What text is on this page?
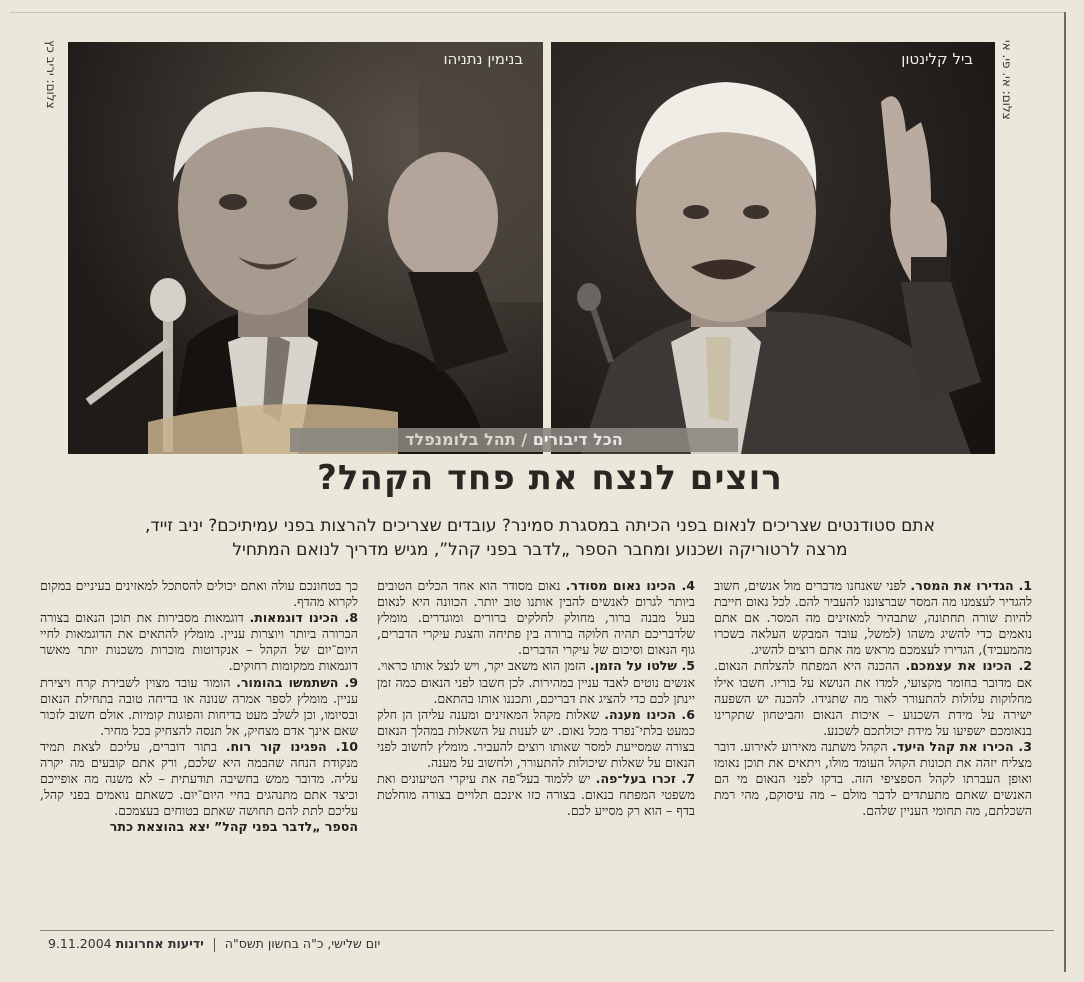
בנימין נתניהו	ביל קלינטון צלום: אי. פי. אי
צלום: יריב כץ
הכל דיבורים / תהל בלומנפלד
רוצים לנצח את פחד הקהל?
אתם סטודנטים שצריכים לנאום בפני הכיתה במסגרת סמינר? עובדים שצריכים להרצות בפני עמיתיכם? יניב זייד,
מרצה לרטוריקה ושכנוע ומחבר הספר „לדבר בפני קהל”, מגיש מדריך לנואם המתחיל

1. הגדירו את המסר. לפני שאנחנו מדברים מול אנשים, חשוב להגדיר לעצמנו מה המסר שברצוננו להעביר להם. לכל נאום חייבת להיות שורה תחתונה, שתבהיר למאזינים מה המסר. אם אתם נואמים כדי להשיג משהו (למשל, עובד המבקש העלאה בשכרו מהמעביד), הגדירו לעצמכם מראש מה אתם רוצים להשיג.

2. הכינו את עצמכם. ההכנה היא המפתח להצלחת הנאום. אם מדובר בחומר מקצועי, למדו את הנושא על בוריו. חשבו אילו מחלוקות עלולות להתעורר לאור מה שתגידו. להכנה יש השפעה ישירה על מידת השכנוע – איכות הנאום והביטחון שתקרינו בנאומכם ישפיעו על מידת יכולתכם לשכנע.

3. הכירו את קהל היעד. הקהל משתנה מאירוע לאירוע. דובר מצליח יזהה את תכונות הקהל העומד מולו, ויתאים את תוכן נאומו ואופן העברתו לקהל הספציפי הזה. בדקו לפני הנאום מי הם האנשים שאתם מתעתדים לדבר מולם – מה עיסוקם, מהי רמת השכלתם, מה תחומי העניין שלהם.

4. הכינו נאום מסודר. נאום מסודר הוא אחד הכלים הטובים ביותר לגרום לאנשים להבין אותנו טוב יותר. הכוונה היא לנאום בעל מבנה ברור, מחולק לחלקים ברורים ומוגדרים. מומלץ שלדבריכם תהיה חלוקה ברורה בין פתיחה והצגת עיקרי הדברים, גוף הנאום וסיכום של עיקרי הדברים.

5. שלטו על הזמן. הזמן הוא משאב יקר, ויש לנצל אותו כראוי. אנשים נוטים לאבד עניין במהירות. לכן חשבו לפני הנאום כמה זמן יינתן לכם כדי להציג את דבריכם, ותכננו אותו בהתאם.

6. הכינו מענה. שאלות מקהל המאזינים ומענה עליהן הן חלק כמעט בלתי־נפרד מכל נאום. יש לענות על השאלות במהלך הנאום בצורה שמסייעת למסר שאותו רוצים להעביר. מומלץ לחשוב לפני הנאום על שאלות שיכולות להתעורר, ולחשוב על מענה.

7. זכרו בעל־פה. יש ללמוד בעל־פה את עיקרי הטיעונים ואת משפטי המפתח בנאום. בצורה כזו אינכם תלויים בצורה מוחלטת בדף – הוא רק מסייע לכם.

כך בטחונכם עולה ואתם יכולים להסתכל למאזינים בעיניים במקום לקרוא מהדף.

8. הכינו דוגמאות. דוגמאות מסבירות את תוכן הנאום בצורה הברורה ביותר ויוצרות עניין. מומלץ להתאים את הדוגמאות לחיי היום־יום של הקהל – אנקדוטות מוכרות משכנות יותר מאשר דוגמאות ממקומות רחוקים.

9. השתמשו בהומור. הומור עובד מצוין לשבירת קרח ויצירת עניין. מומלץ לספר אמרה שנונה או בדיחה טובה בתחילת הנאום ובסיומו, וכן לשלב מעט בדיחות והפוגות קומיות. אולם חשוב לזכור שאם אינך אדם מצחיק, אל תנסה להצחיק בכל מחיר.

10. הפגינו קור רוח. בתור דוברים, עליכם לצאת תמיד מנקודת הנחה שהבמה היא שלכם, ורק אתם קובעים מה יקרה עליה. מדובר ממש בחשיבה תודעתית – לא משנה מה אופייכם וכיצד אתם מתנהגים בחיי היום־יום. כשאתם נואמים בפני קהל, עליכם לתת להם תחושה שאתם בטוחים בעצמכם.

הספר „לדבר בפני קהל” יצא בהוצאת כתר

9.11.2004	יום שלישי, כ"ה בחשון תשס"ה  ידיעות אחרונות
